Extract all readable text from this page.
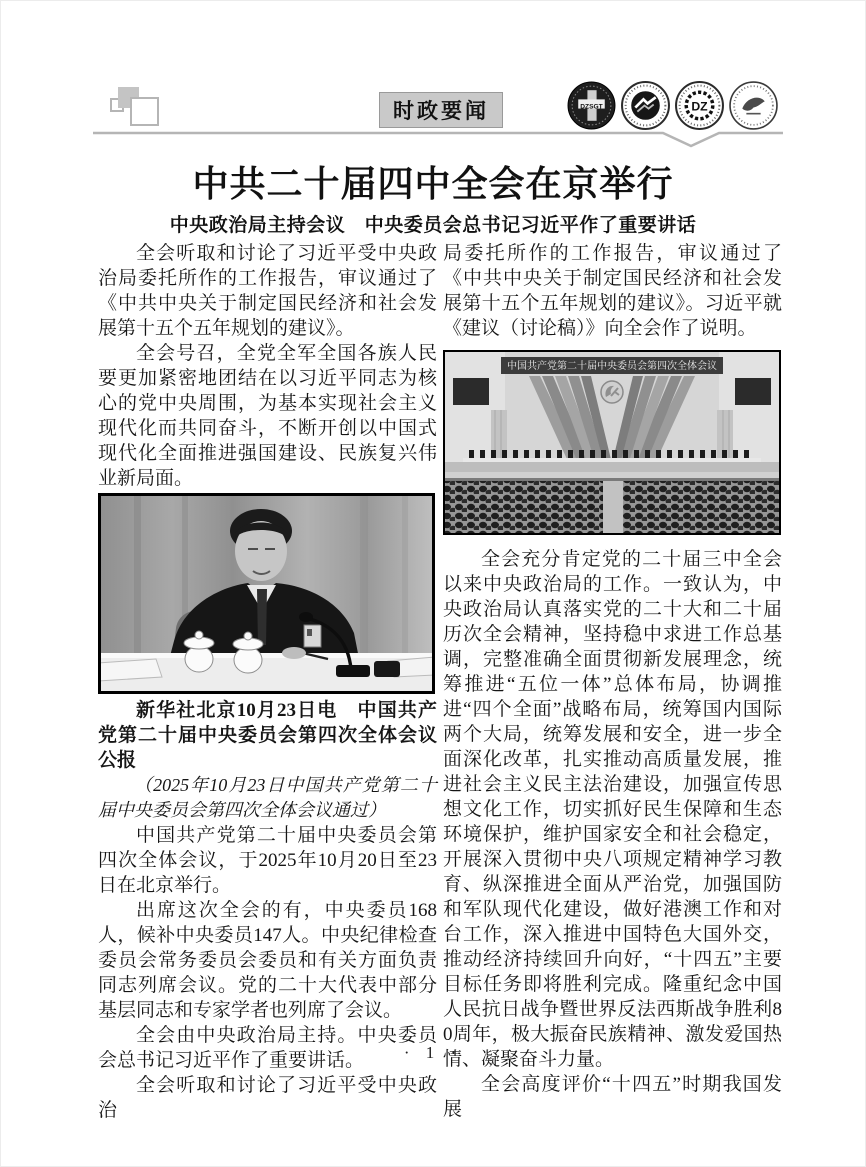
时政要闻	DZSGT	DZ
中共二十届四中全会在京举行
中央政治局主持会议　中央委员会总书记习近平作了重要讲话

全会听取和讨论了习近平受中央政治局委托所作的工作报告，审议通过了《中共中央关于制定国民经济和社会发展第十五个五年规划的建议》。

全会号召，全党全军全国各族人民要更加紧密地团结在以习近平同志为核心的党中央周围，为基本实现社会主义现代化而共同奋斗，不断开创以中国式现代化全面推进强国建设、民族复兴伟业新局面。

新华社北京10月23日电　中国共产党第二十届中央委员会第四次全体会议公报

（2025年10月23日中国共产党第二十届中央委员会第四次全体会议通过）

中国共产党第二十届中央委员会第四次全体会议，于2025年10月20日至23日在北京举行。

出席这次全会的有，中央委员168人，候补中央委员147人。中央纪律检查委员会常务委员会委员和有关方面负责同志列席会议。党的二十大代表中部分基层同志和专家学者也列席了会议。

全会由中央政治局主持。中央委员会总书记习近平作了重要讲话。

全会听取和讨论了习近平受中央政治

局委托所作的工作报告，审议通过了《中共中央关于制定国民经济和社会发展第十五个五年规划的建议》。习近平就《建议（讨论稿）》向全会作了说明。

中国共产党第二十届中央委员会第四次全体会议

全会充分肯定党的二十届三中全会以来中央政治局的工作。一致认为，中央政治局认真落实党的二十大和二十届历次全会精神，坚持稳中求进工作总基调，完整准确全面贯彻新发展理念，统筹推进“五位一体”总体布局，协调推进“四个全面”战略布局，统筹国内国际两个大局，统筹发展和安全，进一步全面深化改革，扎实推动高质量发展，推进社会主义民主法治建设，加强宣传思想文化工作，切实抓好民生保障和生态环境保护，维护国家安全和社会稳定，开展深入贯彻中央八项规定精神学习教育、纵深推进全面从严治党，加强国防和军队现代化建设，做好港澳工作和对台工作，深入推进中国特色大国外交，推动经济持续回升向好，“十四五”主要目标任务即将胜利完成。隆重纪念中国人民抗日战争暨世界反法西斯战争胜利80周年，极大振奋民族精神、激发爱国热情、凝聚奋斗力量。

全会高度评价“十四五”时期我国发展

· 1 ·
